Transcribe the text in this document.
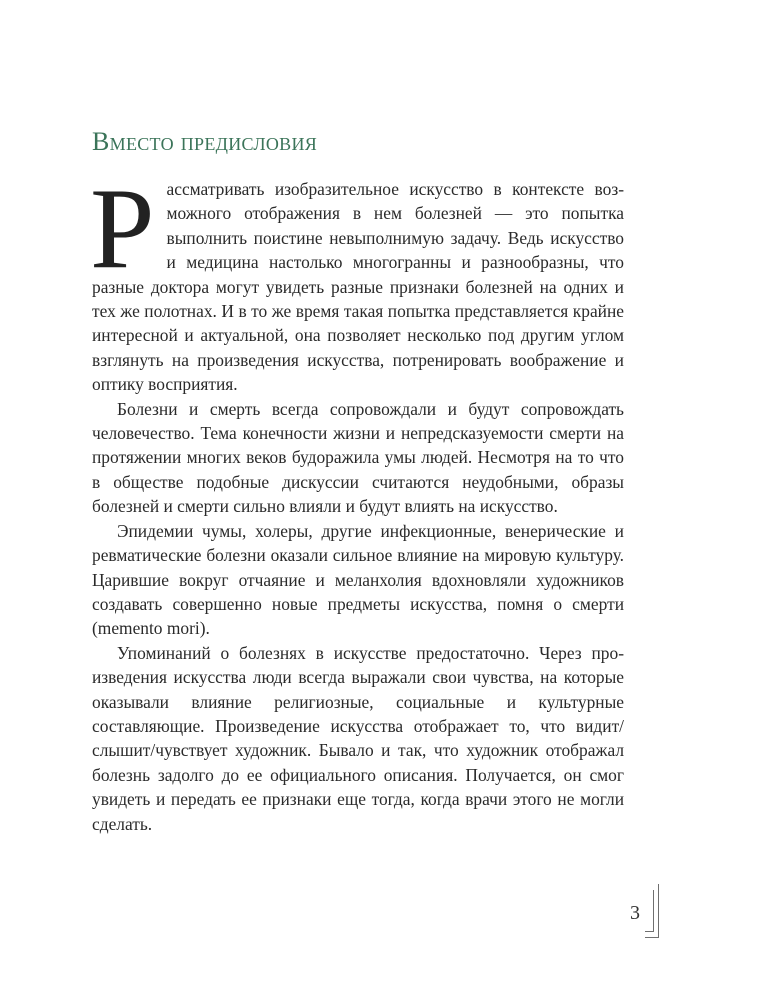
Вместо предисловия

Рассматривать изобразительное искусство в контексте возможного отображения в нем болезней — это попытка выполнить поистине невыполнимую задачу. Ведь искусство и медицина настолько многогранны и разнообразны, что разные доктора могут увидеть разные признаки болезней на одних и тех же полотнах. И в то же время такая попытка представляется крайне интересной и актуальной, она позволяет несколько под другим углом взглянуть на произведения искусства, потренировать воображение и оптику восприятия.

Болезни и смерть всегда сопровождали и будут сопровождать человечество. Тема конечности жизни и непредсказуемости смерти на протяжении многих веков будоражила умы людей. Несмотря на то что в обществе подобные дискуссии считаются неудобными, образы болезней и смерти сильно влияли и будут влиять на искусство.

Эпидемии чумы, холеры, другие инфекционные, венерические и ревматические болезни оказали сильное влияние на мировую культуру. Царившие вокруг отчаяние и меланхолия вдохновляли художников создавать совершенно новые предметы искусства, помня о смерти (memento mori).

Упоминаний о болезнях в искусстве предостаточно. Через произведения искусства люди всегда выражали свои чувства, на которые оказывали влияние религиозные, социальные и культурные составляющие. Произведение искусства отображает то, что видит/слышит/чувствует художник. Бывало и так, что художник отображал болезнь задолго до ее официального описания. Получается, он смог увидеть и передать ее признаки еще тогда, когда врачи этого не могли сделать.

3
